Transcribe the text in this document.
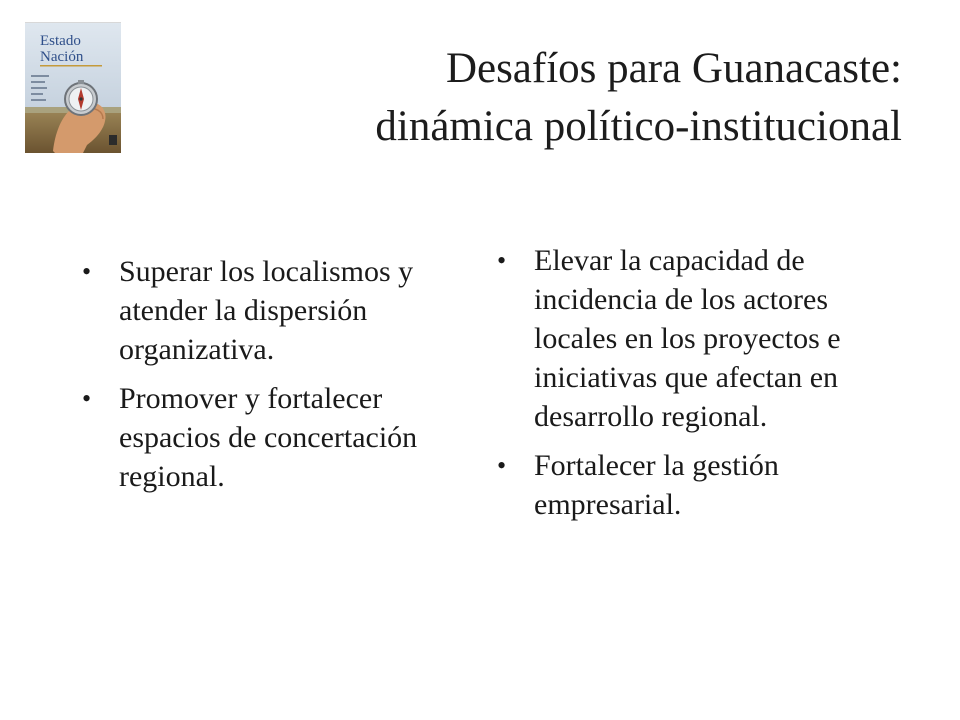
Estado
Nación	Desafíos para Guanacaste:
dinámica político-institucional
• Superar los localismos y atender la dispersión organizativa.
• Promover y fortalecer espacios de concertación regional.
• Elevar la capacidad de incidencia de los actores locales en los proyectos e iniciativas que afectan en desarrollo regional.
• Fortalecer la gestión empresarial.
